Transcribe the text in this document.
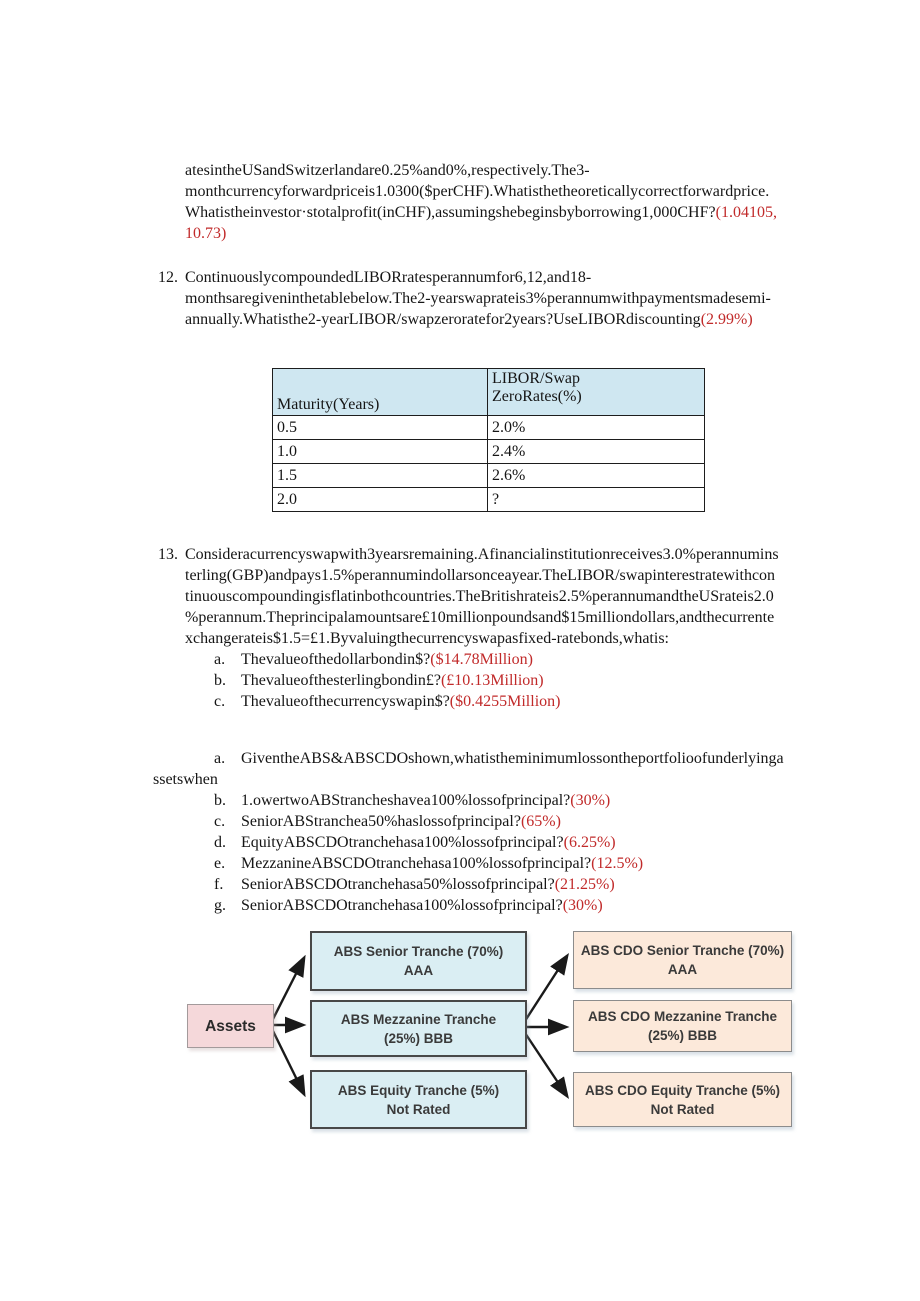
atesintheUSandSwitzerlandare0.25%and0%,respectively.The3-
monthcurrencyforwardpriceis1.0300($perCHF).Whatisthetheoreticallycorrectforwardprice.
Whatistheinvestor·stotalprofit(inCHF),assumingshebeginsbyborrowing1,000CHF?(1.04105,
10.73)
12. ContinuouslycompoundedLIBORratesperannumfor6,12,and18-
monthsaregiveninthetablebelow.The2-yearswaprateis3%perannumwithpaymentsmadesemi-
annually.Whatisthe2-yearLIBOR/swapzeroratefor2years?UseLIBORdiscounting(2.99%)
Maturity(Years)	LIBOR/Swap
ZeroRates(%)

0.5	2.0%
1.0	2.4%
1.5	2.6%
2.0	?
13. Consideracurrencyswapwith3yearsremaining.Afinancialinstitutionreceives3.0%perannumins
terling(GBP)andpays1.5%perannumindollarsonceayear.TheLIBOR/swapinterestratewithcon
tinuouscompoundingisflatinbothcountries.TheBritishrateis2.5%perannumandtheUSrateis2.0
%perannum.Theprincipalamountsare£10millionpoundsand$15milliondollars,andthecurrente
xchangerateis$1.5=£1.Byvaluingthecurrencyswapasfixed-ratebonds,whatis:
a. Thevalueofthedollarbondin$?($14.78Million)
b. Thevalueofthesterlingbondin£?(£10.13Million)
c. Thevalueofthecurrencyswapin$?($0.4255Million)
a. GiventheABS&ABSCDOshown,whatistheminimumlossontheportfolioofunderlyinga
ssetswhen
b. 1.owertwoABStrancheshavea100%lossofprincipal?(30%)
c. SeniorABStranchea50%haslossofprincipal?(65%)
d. EquityABSCDOtranchehasa100%lossofprincipal?(6.25%)
e. MezzanineABSCDOtranchehasa100%lossofprincipal?(12.5%)
f. SeniorABSCDOtranchehasa50%lossofprincipal?(21.25%)
g. SeniorABSCDOtranchehasa100%lossofprincipal?(30%)
Assets
ABS Senior Tranche (70%)
AAA
ABS Mezzanine Tranche
(25%) BBB
ABS Equity Tranche (5%)
Not Rated
ABS CDO Senior Tranche (70%)
AAA
ABS CDO Mezzanine Tranche
(25%) BBB
ABS CDO Equity Tranche (5%)
Not Rated
